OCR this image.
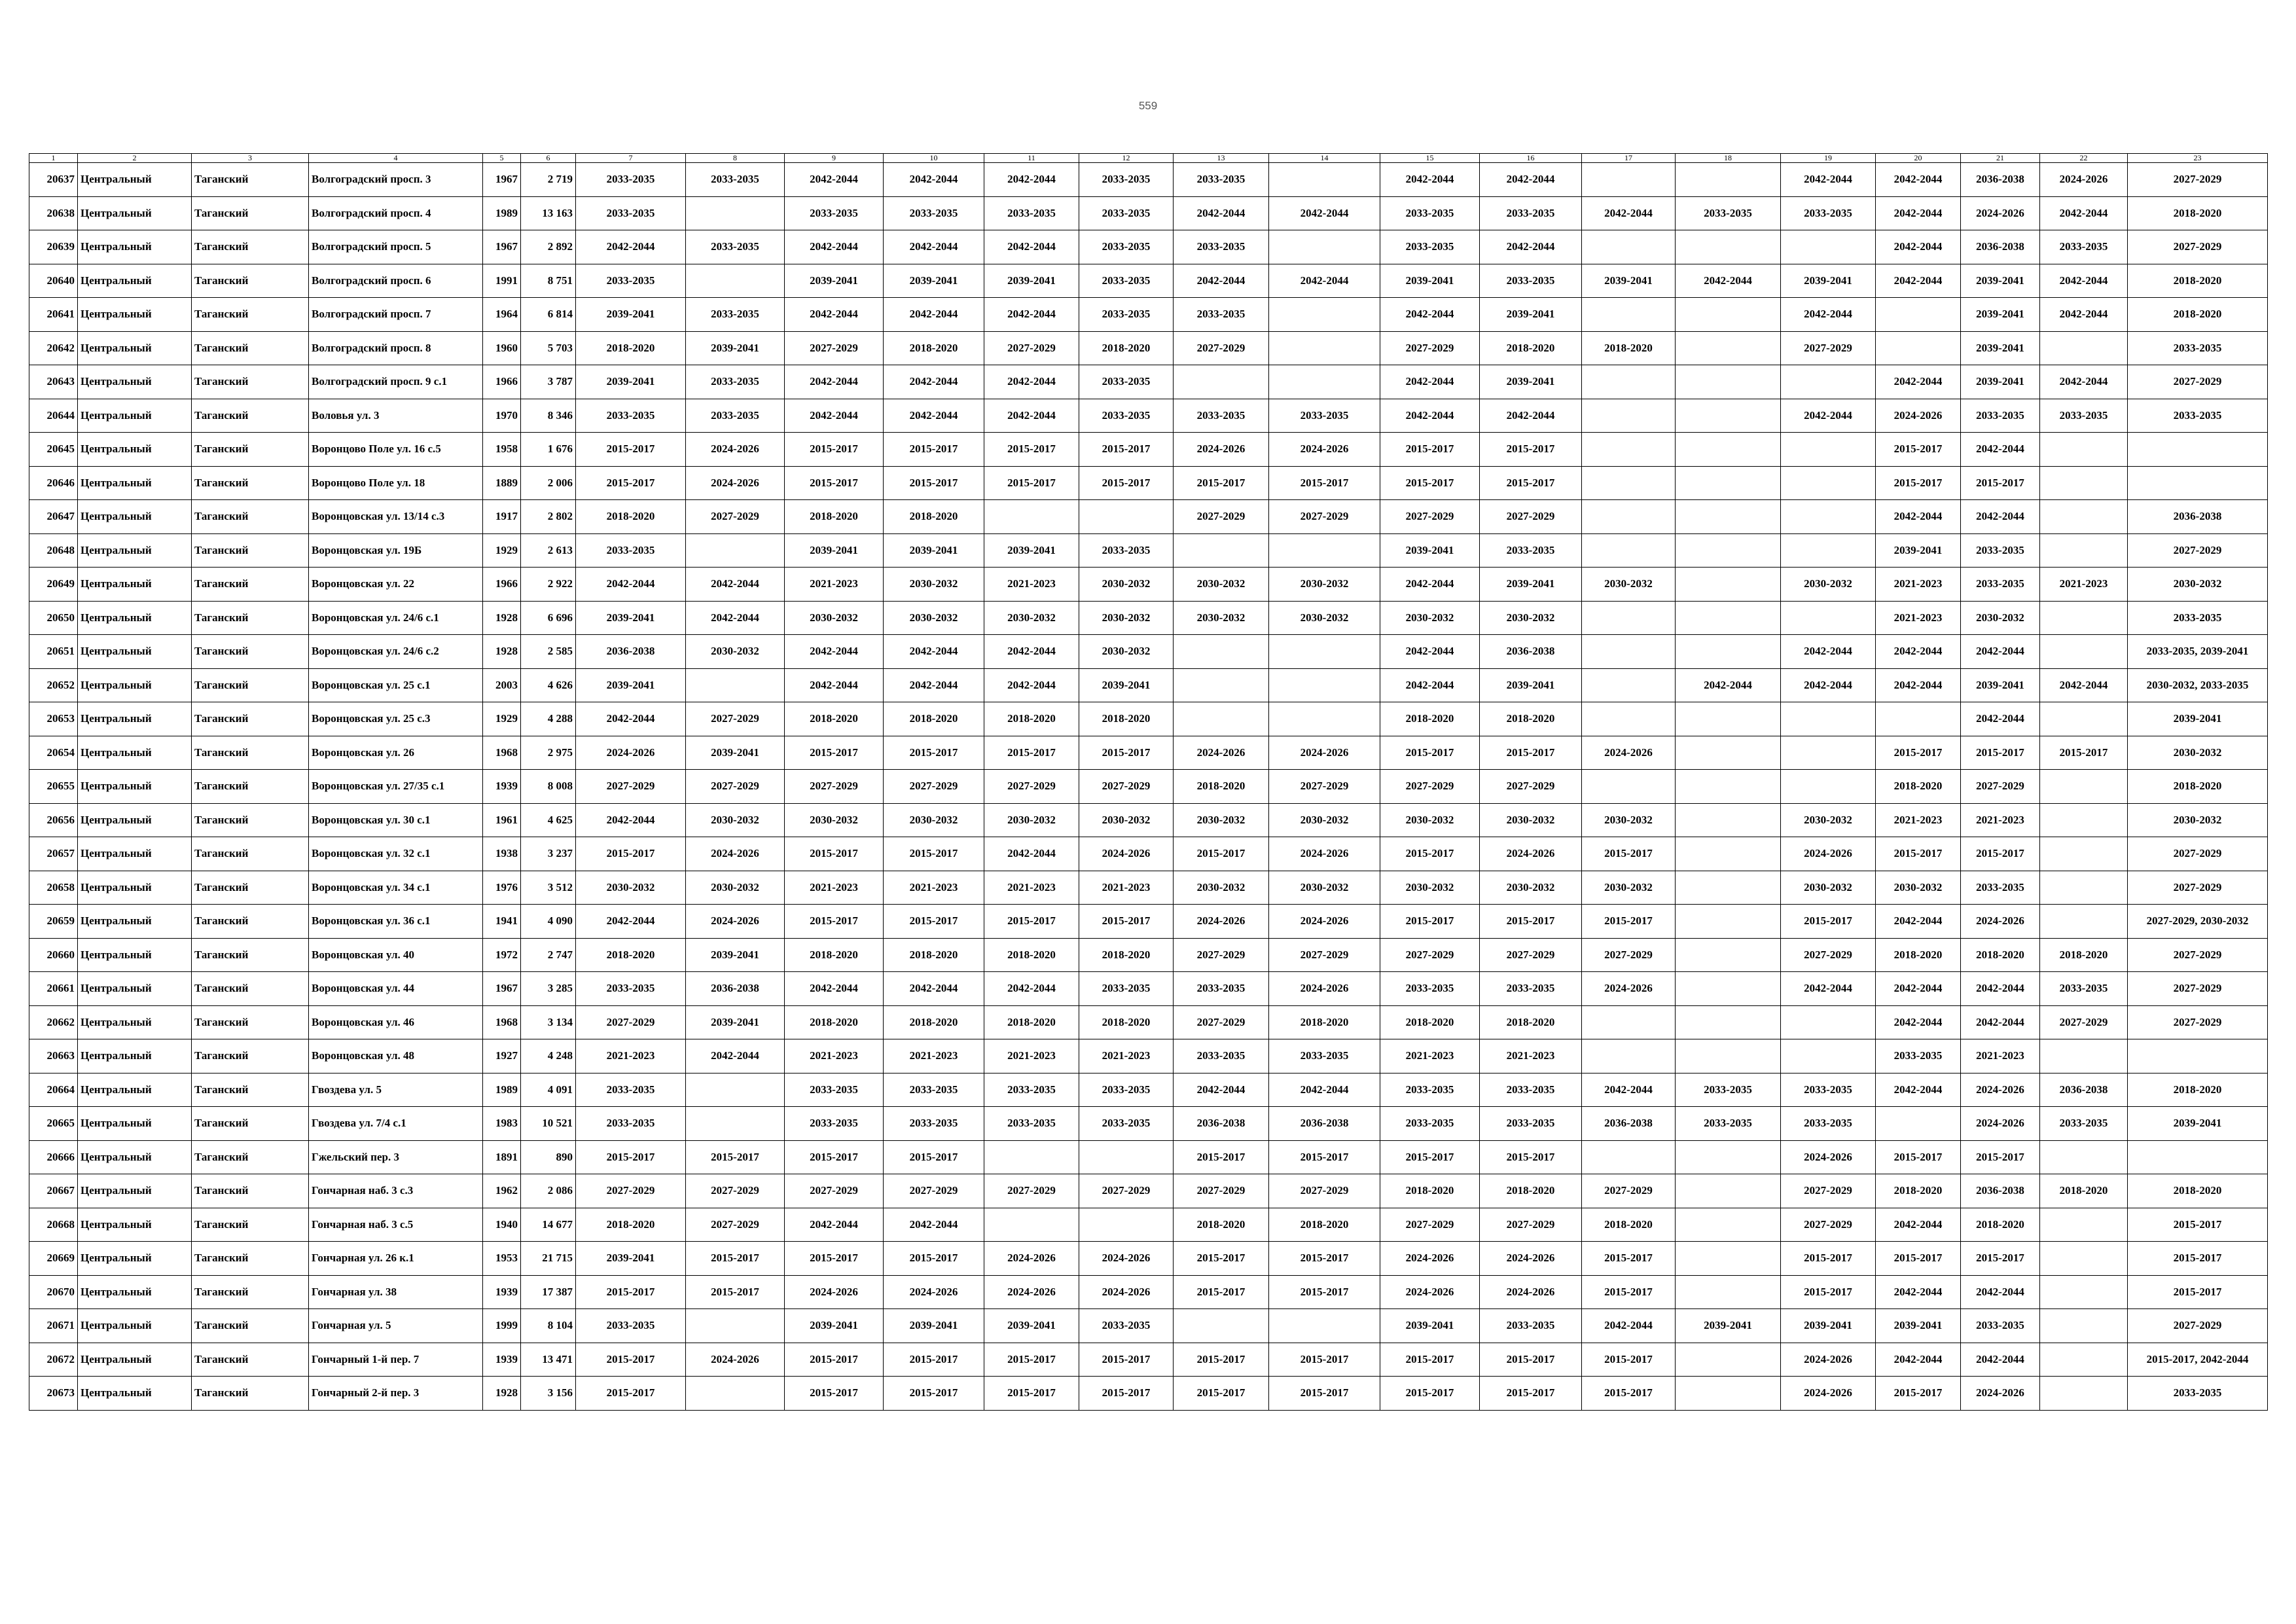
559
1	2	3	4	5	6	7	8	9	10	11	12	13	14	15	16	17	18	19	20	21	22	23
20637	Центральный	Таганский	Волгоградский просп. 3	1967	2 719	2033-2035	2033-2035	2042-2044	2042-2044	2042-2044	2033-2035	2033-2035		2042-2044	2042-2044			2042-2044	2042-2044	2036-2038	2024-2026	2027-2029
20638	Центральный	Таганский	Волгоградский просп. 4	1989	13 163	2033-2035		2033-2035	2033-2035	2033-2035	2033-2035	2042-2044	2042-2044	2033-2035	2033-2035	2042-2044	2033-2035	2033-2035	2042-2044	2024-2026	2042-2044	2018-2020
20639	Центральный	Таганский	Волгоградский просп. 5	1967	2 892	2042-2044	2033-2035	2042-2044	2042-2044	2042-2044	2033-2035	2033-2035		2033-2035	2042-2044				2042-2044	2036-2038	2033-2035	2027-2029
20640	Центральный	Таганский	Волгоградский просп. 6	1991	8 751	2033-2035		2039-2041	2039-2041	2039-2041	2033-2035	2042-2044	2042-2044	2039-2041	2033-2035	2039-2041	2042-2044	2039-2041	2042-2044	2039-2041	2042-2044	2018-2020
20641	Центральный	Таганский	Волгоградский просп. 7	1964	6 814	2039-2041	2033-2035	2042-2044	2042-2044	2042-2044	2033-2035	2033-2035		2042-2044	2039-2041			2042-2044		2039-2041	2042-2044	2018-2020
20642	Центральный	Таганский	Волгоградский просп. 8	1960	5 703	2018-2020	2039-2041	2027-2029	2018-2020	2027-2029	2018-2020	2027-2029		2027-2029	2018-2020	2018-2020		2027-2029		2039-2041		2033-2035
20643	Центральный	Таганский	Волгоградский просп. 9 с.1	1966	3 787	2039-2041	2033-2035	2042-2044	2042-2044	2042-2044	2033-2035			2042-2044	2039-2041				2042-2044	2039-2041	2042-2044	2027-2029
20644	Центральный	Таганский	Воловья ул. 3	1970	8 346	2033-2035	2033-2035	2042-2044	2042-2044	2042-2044	2033-2035	2033-2035	2033-2035	2042-2044	2042-2044			2042-2044	2024-2026	2033-2035	2033-2035	2033-2035
20645	Центральный	Таганский	Воронцово Поле ул. 16 с.5	1958	1 676	2015-2017	2024-2026	2015-2017	2015-2017	2015-2017	2015-2017	2024-2026	2024-2026	2015-2017	2015-2017				2015-2017	2042-2044		
20646	Центральный	Таганский	Воронцово Поле ул. 18	1889	2 006	2015-2017	2024-2026	2015-2017	2015-2017	2015-2017	2015-2017	2015-2017	2015-2017	2015-2017	2015-2017				2015-2017	2015-2017		
20647	Центральный	Таганский	Воронцовская ул. 13/14 с.3	1917	2 802	2018-2020	2027-2029	2018-2020	2018-2020			2027-2029	2027-2029	2027-2029	2027-2029				2042-2044	2042-2044		2036-2038
20648	Центральный	Таганский	Воронцовская ул. 19Б	1929	2 613	2033-2035		2039-2041	2039-2041	2039-2041	2033-2035			2039-2041	2033-2035				2039-2041	2033-2035		2027-2029
20649	Центральный	Таганский	Воронцовская ул. 22	1966	2 922	2042-2044	2042-2044	2021-2023	2030-2032	2021-2023	2030-2032	2030-2032	2030-2032	2042-2044	2039-2041	2030-2032		2030-2032	2021-2023	2033-2035	2021-2023	2030-2032
20650	Центральный	Таганский	Воронцовская ул. 24/6 с.1	1928	6 696	2039-2041	2042-2044	2030-2032	2030-2032	2030-2032	2030-2032	2030-2032	2030-2032	2030-2032	2030-2032				2021-2023	2030-2032		2033-2035
20651	Центральный	Таганский	Воронцовская ул. 24/6 с.2	1928	2 585	2036-2038	2030-2032	2042-2044	2042-2044	2042-2044	2030-2032			2042-2044	2036-2038			2042-2044	2042-2044	2042-2044		2033-2035, 2039-2041
20652	Центральный	Таганский	Воронцовская ул. 25 с.1	2003	4 626	2039-2041		2042-2044	2042-2044	2042-2044	2039-2041			2042-2044	2039-2041		2042-2044	2042-2044	2042-2044	2039-2041	2042-2044	2030-2032, 2033-2035
20653	Центральный	Таганский	Воронцовская ул. 25 с.3	1929	4 288	2042-2044	2027-2029	2018-2020	2018-2020	2018-2020	2018-2020			2018-2020	2018-2020					2042-2044		2039-2041
20654	Центральный	Таганский	Воронцовская ул. 26	1968	2 975	2024-2026	2039-2041	2015-2017	2015-2017	2015-2017	2015-2017	2024-2026	2024-2026	2015-2017	2015-2017	2024-2026			2015-2017	2015-2017	2015-2017	2030-2032
20655	Центральный	Таганский	Воронцовская ул. 27/35 с.1	1939	8 008	2027-2029	2027-2029	2027-2029	2027-2029	2027-2029	2027-2029	2018-2020	2027-2029	2027-2029	2027-2029				2018-2020	2027-2029		2018-2020
20656	Центральный	Таганский	Воронцовская ул. 30 с.1	1961	4 625	2042-2044	2030-2032	2030-2032	2030-2032	2030-2032	2030-2032	2030-2032	2030-2032	2030-2032	2030-2032	2030-2032		2030-2032	2021-2023	2021-2023		2030-2032
20657	Центральный	Таганский	Воронцовская ул. 32 с.1	1938	3 237	2015-2017	2024-2026	2015-2017	2015-2017	2042-2044	2024-2026	2015-2017	2024-2026	2015-2017	2024-2026	2015-2017		2024-2026	2015-2017	2015-2017		2027-2029
20658	Центральный	Таганский	Воронцовская ул. 34 с.1	1976	3 512	2030-2032	2030-2032	2021-2023	2021-2023	2021-2023	2021-2023	2030-2032	2030-2032	2030-2032	2030-2032	2030-2032		2030-2032	2030-2032	2033-2035		2027-2029
20659	Центральный	Таганский	Воронцовская ул. 36 с.1	1941	4 090	2042-2044	2024-2026	2015-2017	2015-2017	2015-2017	2015-2017	2024-2026	2024-2026	2015-2017	2015-2017	2015-2017		2015-2017	2042-2044	2024-2026		2027-2029, 2030-2032
20660	Центральный	Таганский	Воронцовская ул. 40	1972	2 747	2018-2020	2039-2041	2018-2020	2018-2020	2018-2020	2018-2020	2027-2029	2027-2029	2027-2029	2027-2029	2027-2029		2027-2029	2018-2020	2018-2020	2018-2020	2027-2029
20661	Центральный	Таганский	Воронцовская ул. 44	1967	3 285	2033-2035	2036-2038	2042-2044	2042-2044	2042-2044	2033-2035	2033-2035	2024-2026	2033-2035	2033-2035	2024-2026		2042-2044	2042-2044	2042-2044	2033-2035	2027-2029
20662	Центральный	Таганский	Воронцовская ул. 46	1968	3 134	2027-2029	2039-2041	2018-2020	2018-2020	2018-2020	2018-2020	2027-2029	2018-2020	2018-2020	2018-2020				2042-2044	2042-2044	2027-2029	2027-2029
20663	Центральный	Таганский	Воронцовская ул. 48	1927	4 248	2021-2023	2042-2044	2021-2023	2021-2023	2021-2023	2021-2023	2033-2035	2033-2035	2021-2023	2021-2023				2033-2035	2021-2023		
20664	Центральный	Таганский	Гвоздева ул. 5	1989	4 091	2033-2035		2033-2035	2033-2035	2033-2035	2033-2035	2042-2044	2042-2044	2033-2035	2033-2035	2042-2044	2033-2035	2033-2035	2042-2044	2024-2026	2036-2038	2018-2020
20665	Центральный	Таганский	Гвоздева ул. 7/4 с.1	1983	10 521	2033-2035		2033-2035	2033-2035	2033-2035	2033-2035	2036-2038	2036-2038	2033-2035	2033-2035	2036-2038	2033-2035	2033-2035		2024-2026	2033-2035	2039-2041
20666	Центральный	Таганский	Гжельский пер. 3	1891	890	2015-2017	2015-2017	2015-2017	2015-2017			2015-2017	2015-2017	2015-2017	2015-2017			2024-2026	2015-2017	2015-2017		
20667	Центральный	Таганский	Гончарная наб. 3 с.3	1962	2 086	2027-2029	2027-2029	2027-2029	2027-2029	2027-2029	2027-2029	2027-2029	2027-2029	2018-2020	2018-2020	2027-2029		2027-2029	2018-2020	2036-2038	2018-2020	2018-2020
20668	Центральный	Таганский	Гончарная наб. 3 с.5	1940	14 677	2018-2020	2027-2029	2042-2044	2042-2044			2018-2020	2018-2020	2027-2029	2027-2029	2018-2020		2027-2029	2042-2044	2018-2020		2015-2017
20669	Центральный	Таганский	Гончарная ул. 26 к.1	1953	21 715	2039-2041	2015-2017	2015-2017	2015-2017	2024-2026	2024-2026	2015-2017	2015-2017	2024-2026	2024-2026	2015-2017		2015-2017	2015-2017	2015-2017		2015-2017
20670	Центральный	Таганский	Гончарная ул. 38	1939	17 387	2015-2017	2015-2017	2024-2026	2024-2026	2024-2026	2024-2026	2015-2017	2015-2017	2024-2026	2024-2026	2015-2017		2015-2017	2042-2044	2042-2044		2015-2017
20671	Центральный	Таганский	Гончарная ул. 5	1999	8 104	2033-2035		2039-2041	2039-2041	2039-2041	2033-2035			2039-2041	2033-2035	2042-2044	2039-2041	2039-2041	2039-2041	2033-2035		2027-2029
20672	Центральный	Таганский	Гончарный 1-й пер. 7	1939	13 471	2015-2017	2024-2026	2015-2017	2015-2017	2015-2017	2015-2017	2015-2017	2015-2017	2015-2017	2015-2017	2015-2017		2024-2026	2042-2044	2042-2044		2015-2017, 2042-2044
20673	Центральный	Таганский	Гончарный 2-й пер. 3	1928	3 156	2015-2017		2015-2017	2015-2017	2015-2017	2015-2017	2015-2017	2015-2017	2015-2017	2015-2017	2015-2017		2024-2026	2015-2017	2024-2026		2033-2035
